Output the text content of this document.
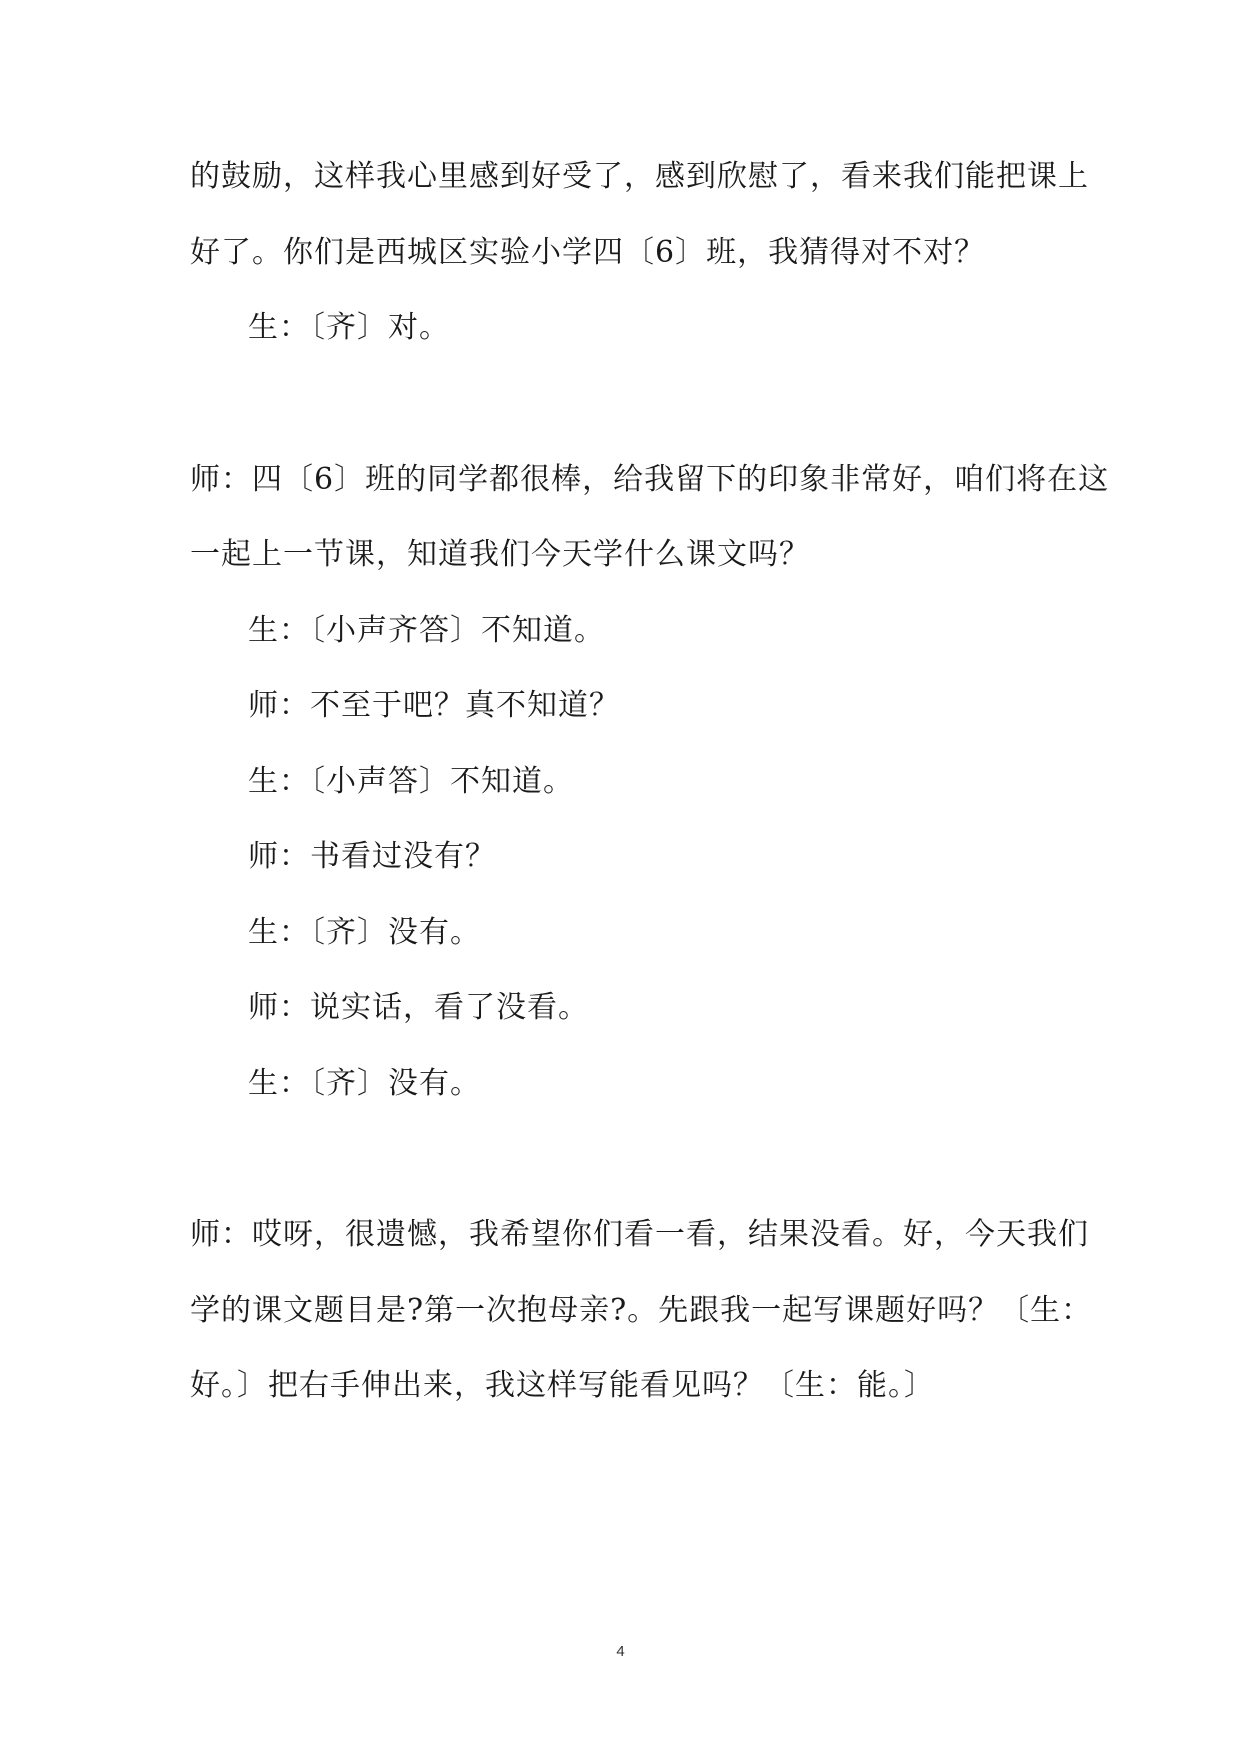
的鼓励，这样我心里感到好受了，感到欣慰了，看来我们能把课上
好了。你们是西城区实验小学四〔6〕班，我猜得对不对？
生：〔齐〕对。
师：四〔6〕班的同学都很棒，给我留下的印象非常好，咱们将在这
一起上一节课，知道我们今天学什么课文吗？
生：〔小声齐答〕不知道。
师：不至于吧？真不知道？
生：〔小声答〕不知道。
师：书看过没有？
生：〔齐〕没有。
师：说实话，看了没看。
生：〔齐〕没有。
师：哎呀，很遗憾，我希望你们看一看，结果没看。好，今天我们
学的课文题目是?第一次抱母亲?。先跟我一起写课题好吗？〔生：
好。〕把右手伸出来，我这样写能看见吗？〔生：能。〕
4
